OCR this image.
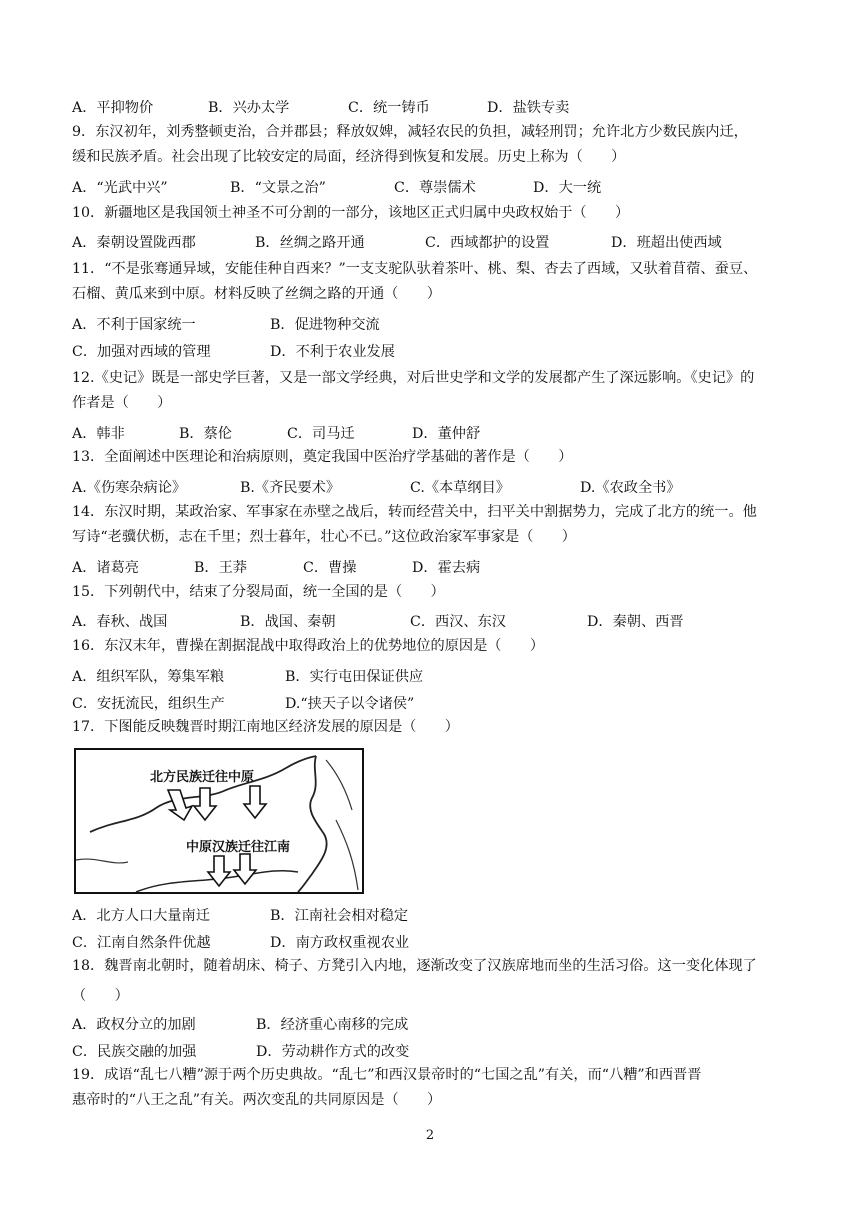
A．平抑物价	B．兴办太学	C．统一铸币	D．盐铁专卖
9．东汉初年，刘秀整顿吏治，合并郡县；释放奴婢，减轻农民的负担，减轻刑罚；允许北方少数民族内迁，
缓和民族矛盾。社会出现了比较安定的局面，经济得到恢复和发展。历史上称为（　　）
A．“光武中兴”	B．“文景之治”	C．尊崇儒术	D．大一统
10．新疆地区是我国领土神圣不可分割的一部分，该地区正式归属中央政权始于（　　）
A．秦朝设置陇西郡	B．丝绸之路开通	C．西域都护的设置	D．班超出使西域
11．“不是张骞通异域，安能佳种自西来？”一支支驼队驮着茶叶、桃、梨、杏去了西域，又驮着苜蓿、蚕豆、
石榴、黄瓜来到中原。材料反映了丝绸之路的开通（　　）
A．不利于国家统一	B．促进物种交流
C．加强对西域的管理	D．不利于农业发展
12.《史记》既是一部史学巨著，又是一部文学经典，对后世史学和文学的发展都产生了深远影响。《史记》的
作者是（　　）
A．韩非	B．蔡伦	C．司马迁	D．董仲舒
13．全面阐述中医理论和治病原则，奠定我国中医治疗学基础的著作是（　　）
A.《伤寒杂病论》	B.《齐民要术》	C.《本草纲目》	D.《农政全书》
14．东汉时期，某政治家、军事家在赤壁之战后，转而经营关中，扫平关中割据势力，完成了北方的统一。他
写诗“老骥伏枥，志在千里；烈士暮年，壮心不已。”这位政治家军事家是（　　）
A．诸葛亮	B．王莽	C．曹操	D．霍去病
15．下列朝代中，结束了分裂局面，统一全国的是（　　）
A．春秋、战国	B．战国、秦朝	C．西汉、东汉	D．秦朝、西晋
16．东汉末年，曹操在割据混战中取得政治上的优势地位的原因是（　　）
A．组织军队，筹集军粮	B．实行屯田保证供应
C．安抚流民，组织生产	D.“挟天子以令诸侯”
17．下图能反映魏晋时期江南地区经济发展的原因是（　　）
北方民族迁往中原
中原汉族迁往江南
A．北方人口大量南迁	B．江南社会相对稳定
C．江南自然条件优越	D．南方政权重视农业
18．魏晋南北朝时，随着胡床、椅子、方凳引入内地，逐渐改变了汉族席地而坐的生活习俗。这一变化体现了
（　　）
A．政权分立的加剧	B．经济重心南移的完成
C．民族交融的加强	D．劳动耕作方式的改变
19．成语“乱七八糟”源于两个历史典故。“乱七”和西汉景帝时的“七国之乱”有关，而“八糟”和西晋晋
惠帝时的“八王之乱”有关。两次变乱的共同原因是（　　）
2
